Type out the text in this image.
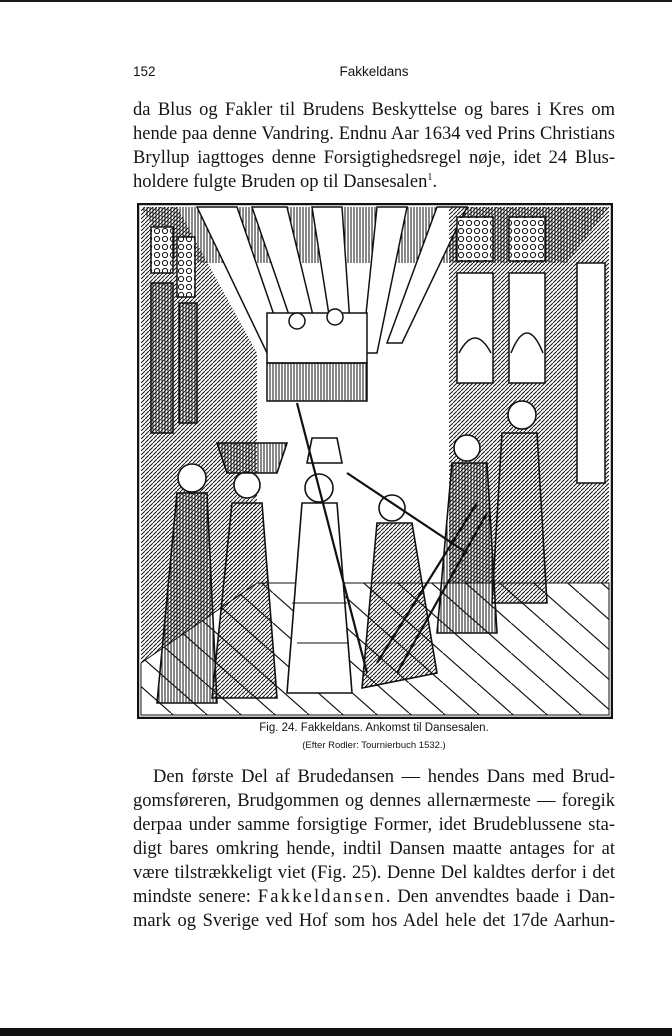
152	Fakkeldans

da Blus og Fakler til Brudens Beskyttelse og bares i Kres om
hende paa denne Vandring. Endnu Aar 1634 ved Prins Christians
Bryllup iagttoges denne Forsigtighedsregel nøje, idet 24 Blus-
holdere fulgte Bruden op til Dansesalen$^1$.

Fig. 24. Fakkeldans. Ankomst til Dansesalen.
(Efter Rodler: Tournierbuch 1532.)

Den første Del af Brudedansen — hendes Dans med Brud-
gomsføreren, Brudgommen og dennes allernærmeste — foregik
derpaa under samme forsigtige Former, idet Brudeblussene sta-
digt bares omkring hende, indtil Dansen maatte antages for at
være tilstrækkeligt viet (Fig. 25). Denne Del kaldtes derfor i det
mindste senere: Fakkeldansen. Den anvendtes baade i Dan-
mark og Sverige ved Hof som hos Adel hele det 17de Aarhun-
